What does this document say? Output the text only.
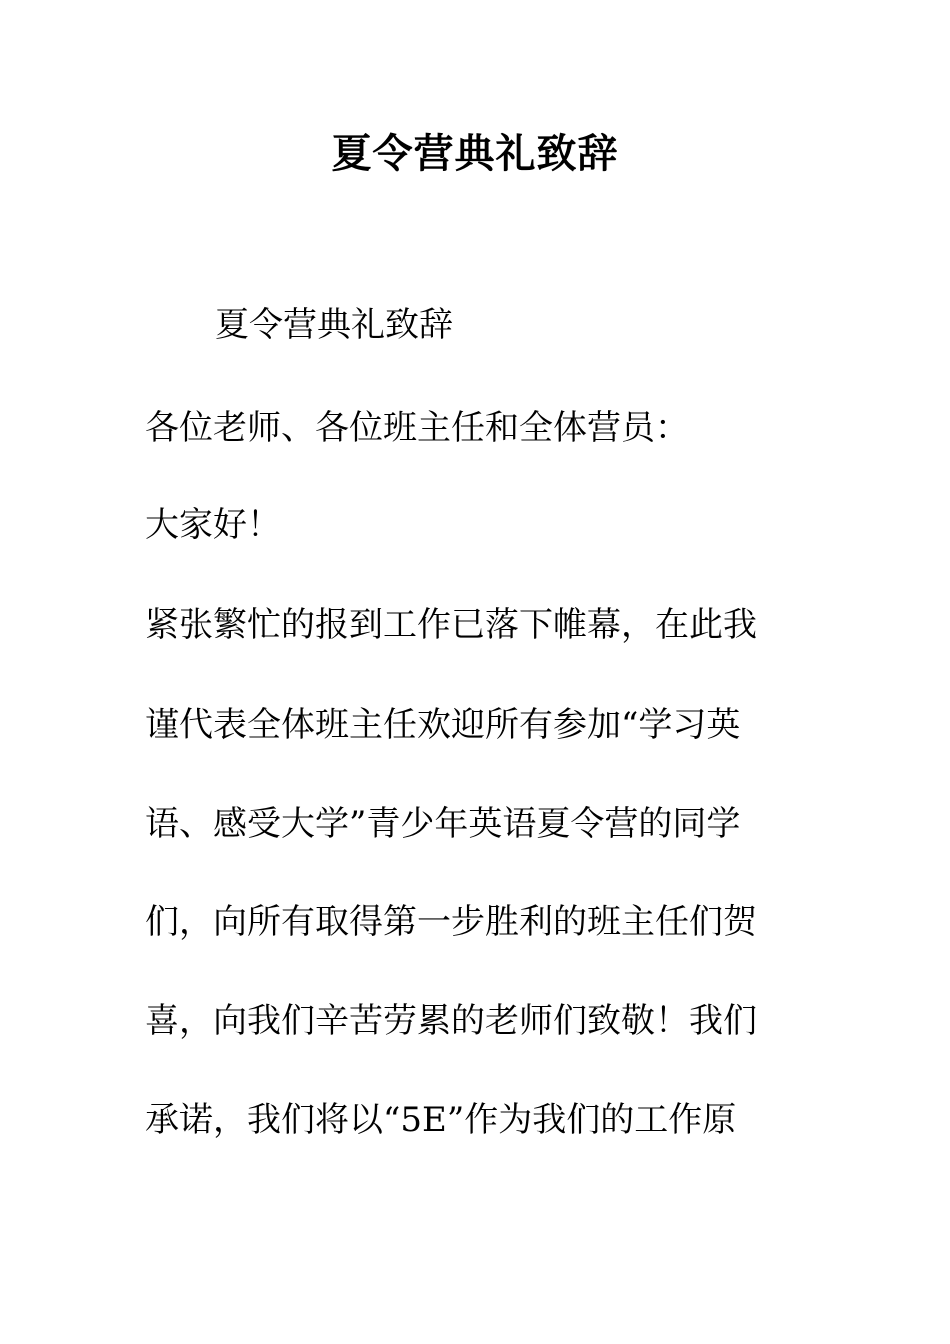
夏令营典礼致辞
夏令营典礼致辞
各位老师、各位班主任和全体营员：
大家好！
紧张繁忙的报到工作已落下帷幕，在此我
谨代表全体班主任欢迎所有参加“学习英
语、感受大学”青少年英语夏令营的同学
们，向所有取得第一步胜利的班主任们贺
喜，向我们辛苦劳累的老师们致敬！我们
承诺，我们将以“5E”作为我们的工作原
